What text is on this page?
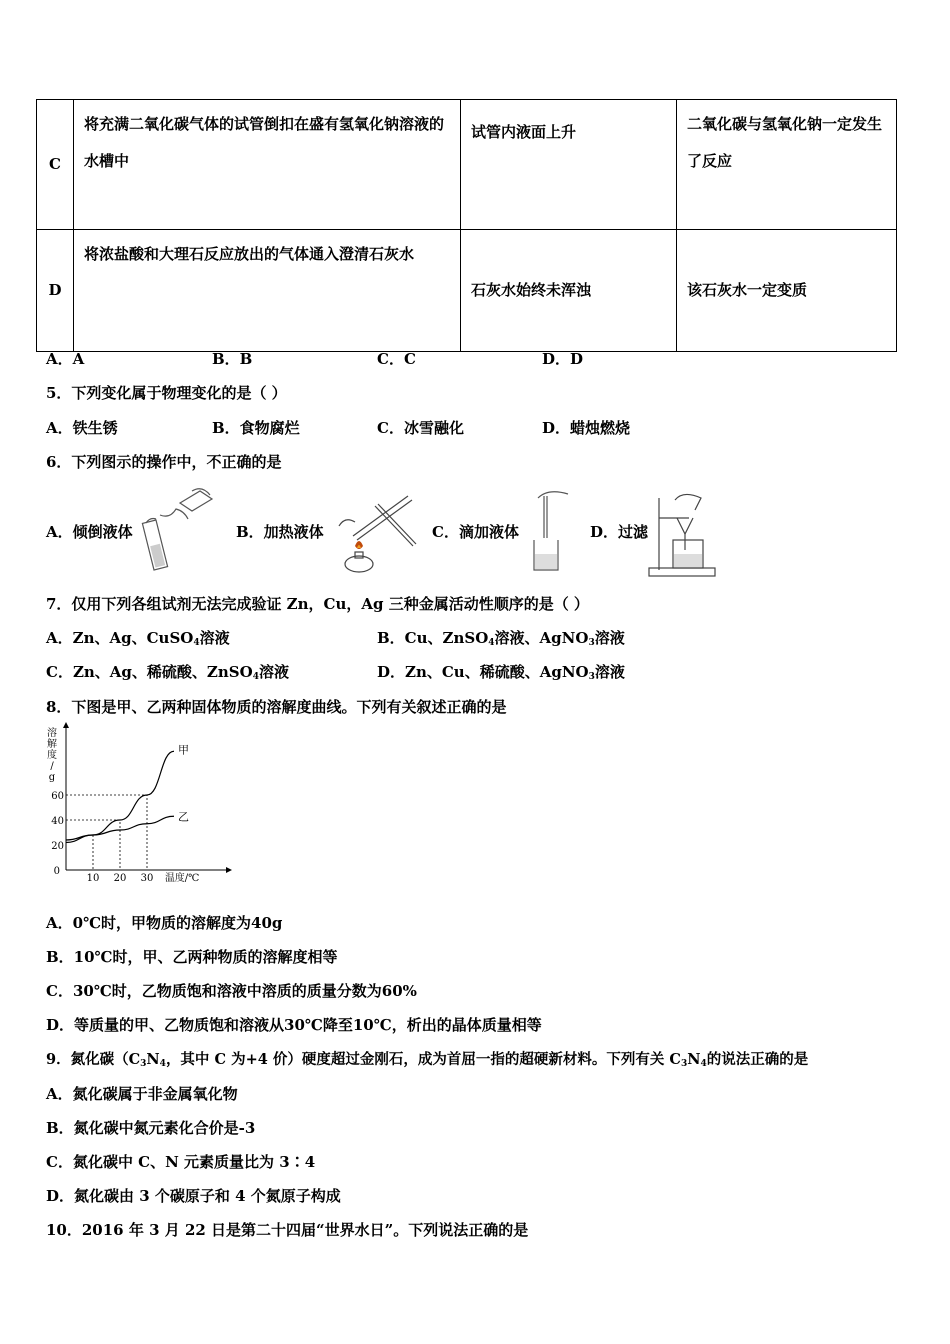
C	将充满二氧化碳气体的试管倒扣在盛有氢氧化钠溶液的水槽中	试管内液面上升	二氧化碳与氢氧化钠一定发生了反应
D	将浓盐酸和大理石反应放出的气体通入澄清石灰水	石灰水始终未浑浊	该石灰水一定变质
A．A	B．B	C．C	D．D
5．下列变化属于物理变化的是（ ）
A．铁生锈	B．食物腐烂	C．冰雪融化	D．蜡烛燃烧
6．下列图示的操作中，不正确的是
A．倾倒液体	B．加热液体	C．滴加液体	D．过滤
7．仅用下列各组试剂无法完成验证 Zn，Cu，Ag 三种金属活动性顺序的是（ ）
A．Zn、Ag、CuSO$_4$溶液	B．Cu、ZnSO$_4$溶液、AgNO$_3$溶液
C．Zn、Ag、稀硫酸、ZnSO$_4$溶液	D．Zn、Cu、稀硫酸、AgNO$_3$溶液
8．下图是甲、乙两种固体物质的溶解度曲线。下列有关叙述正确的是
溶
解
度
/
g
0
20
40
60
10 20 30 温度/℃
甲
乙
A．0℃时，甲物质的溶解度为40g
B．10℃时，甲、乙两种物质的溶解度相等
C．30℃时，乙物质饱和溶液中溶质的质量分数为60%
D．等质量的甲、乙物质饱和溶液从30℃降至10℃，析出的晶体质量相等
9．氮化碳（$C_3N_4$，其中 C 为+4 价）硬度超过金刚石，成为首屈一指的超硬新材料。下列有关 $C_3N_4$的说法正确的是
A．氮化碳属于非金属氧化物
B．氮化碳中氮元素化合价是-3
C．氮化碳中 C、N 元素质量比为 3∶4
D．氮化碳由 3 个碳原子和 4 个氮原子构成
10．2016 年 3 月 22 日是第二十四届“世界水日”。下列说法正确的是
